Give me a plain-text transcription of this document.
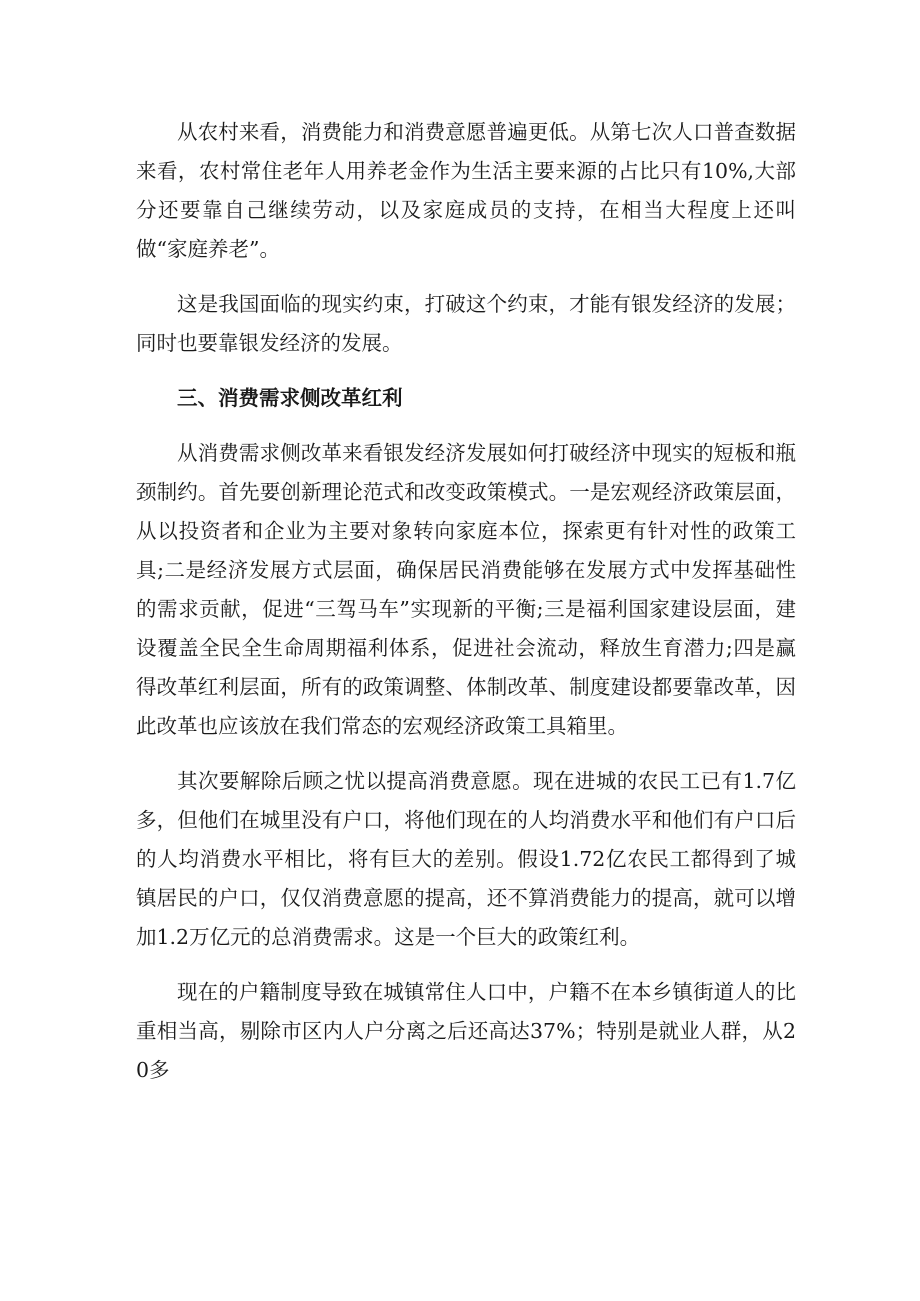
从农村来看，消费能力和消费意愿普遍更低。从第七次人口普查数据来看，农村常住老年人用养老金作为生活主要来源的占比只有10%,大部分还要靠自己继续劳动，以及家庭成员的支持，在相当大程度上还叫做“家庭养老”。

这是我国面临的现实约束，打破这个约束，才能有银发经济的发展；同时也要靠银发经济的发展。

三、消费需求侧改革红利

从消费需求侧改革来看银发经济发展如何打破经济中现实的短板和瓶颈制约。首先要创新理论范式和改变政策模式。一是宏观经济政策层面，从以投资者和企业为主要对象转向家庭本位，探索更有针对性的政策工具;二是经济发展方式层面，确保居民消费能够在发展方式中发挥基础性的需求贡献，促进“三驾马车”实现新的平衡;三是福利国家建设层面，建设覆盖全民全生命周期福利体系，促进社会流动，释放生育潜力;四是赢得改革红利层面，所有的政策调整、体制改革、制度建设都要靠改革，因此改革也应该放在我们常态的宏观经济政策工具箱里。

其次要解除后顾之忧以提高消费意愿。现在进城的农民工已有1.7亿多，但他们在城里没有户口，将他们现在的人均消费水平和他们有户口后的人均消费水平相比，将有巨大的差别。假设1.72亿农民工都得到了城镇居民的户口，仅仅消费意愿的提高，还不算消费能力的提高，就可以增加1.2万亿元的总消费需求。这是一个巨大的政策红利。

现在的户籍制度导致在城镇常住人口中，户籍不在本乡镇街道人的比重相当高，剔除市区内人户分离之后还高达37%；特别是就业人群，从20多
